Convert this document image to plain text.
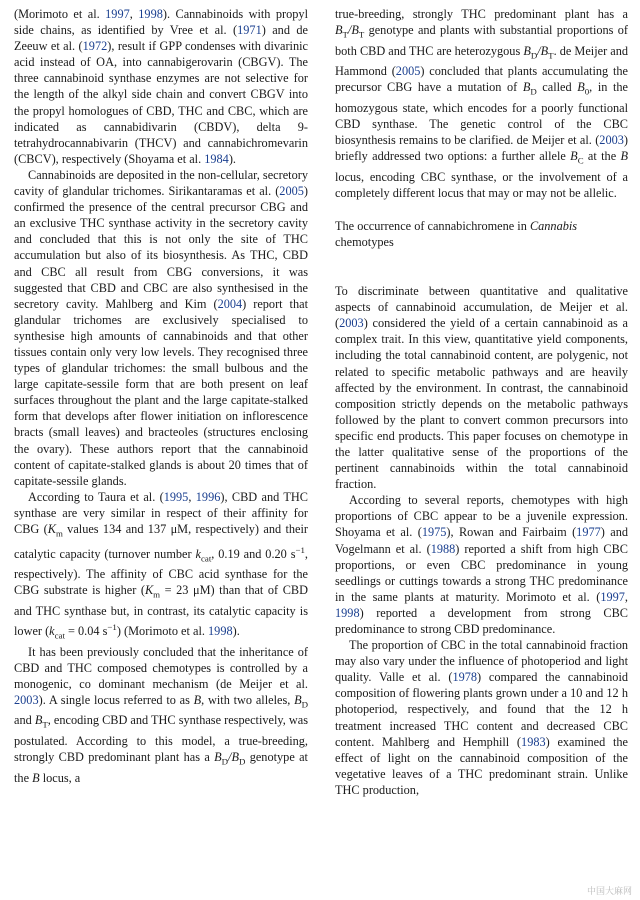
(Morimoto et al. 1997, 1998). Cannabinoids with propyl side chains, as identified by Vree et al. (1971) and de Zeeuw et al. (1972), result if GPP condenses with divarinic acid instead of OA, into cannabigerovarin (CBGV). The three cannabinoid synthase enzymes are not selective for the length of the alkyl side chain and convert CBGV into the propyl homologues of CBD, THC and CBC, which are indicated as cannabidivarin (CBDV), delta 9-tetrahydrocannabivarin (THCV) and cannabichromevarin (CBCV), respectively (Shoyama et al. 1984).

Cannabinoids are deposited in the non-cellular, secretory cavity of glandular trichomes. Sirikantaramas et al. (2005) confirmed the presence of the central precursor CBG and an exclusive THC synthase activity in the secretory cavity and concluded that this is not only the site of THC accumulation but also of its biosynthesis. As THC, CBD and CBC all result from CBG conversions, it was suggested that CBD and CBC are also synthesised in the secretory cavity. Mahlberg and Kim (2004) report that glandular trichomes are exclusively specialised to synthesise high amounts of cannabinoids and that other tissues contain only very low levels. They recognised three types of glandular trichomes: the small bulbous and the large capitate-sessile form that are both present on leaf surfaces throughout the plant and the large capitate-stalked form that develops after flower initiation on inflorescence bracts (small leaves) and bracteoles (structures enclosing the ovary). These authors report that the cannabinoid content of capitate-stalked glands is about 20 times that of capitate-sessile glands.

According to Taura et al. (1995, 1996), CBD and THC synthase are very similar in respect of their affinity for CBG ($K_m$ values 134 and 137 μM, respectively) and their catalytic capacity (turnover number $k_{cat}$, 0.19 and 0.20 $s^{-1}$, respectively). The affinity of CBC acid synthase for the CBG substrate is higher ($K_m = 23$ μM) than that of CBD and THC synthase but, in contrast, its catalytic capacity is lower ($k_{cat} = 0.04$ $s^{-1}$) (Morimoto et al. 1998).

It has been previously concluded that the inheritance of CBD and THC composed chemotypes is controlled by a monogenic, co dominant mechanism (de Meijer et al. 2003). A single locus referred to as B, with two alleles, $B_D$ and $B_T$, encoding CBD and THC synthase respectively, was postulated. According to this model, a true-breeding, strongly CBD predominant plant has a $B_D/B_D$ genotype at the B locus, a

true-breeding, strongly THC predominant plant has a $B_T/B_T$ genotype and plants with substantial proportions of both CBD and THC are heterozygous $B_D/B_T$. de Meijer and Hammond (2005) concluded that plants accumulating the precursor CBG have a mutation of $B_D$ called $B_0$, in the homozygous state, which encodes for a poorly functional CBD synthase. The genetic control of the CBC biosynthesis remains to be clarified. de Meijer et al. (2003) briefly addressed two options: a further allele $B_C$ at the B locus, encoding CBC synthase, or the involvement of a completely different locus that may or may not be allelic.

The occurrence of cannabichromene in Cannabis chemotypes

To discriminate between quantitative and qualitative aspects of cannabinoid accumulation, de Meijer et al. (2003) considered the yield of a certain cannabinoid as a complex trait. In this view, quantitative yield components, including the total cannabinoid content, are polygenic, not related to specific metabolic pathways and are heavily affected by the environment. In contrast, the cannabinoid composition strictly depends on the metabolic pathways followed by the plant to convert common precursors into specific end products. This paper focuses on chemotype in the latter qualitative sense of the proportions of the pertinent cannabinoids within the total cannabinoid fraction.

According to several reports, chemotypes with high proportions of CBC appear to be a juvenile expression. Shoyama et al. (1975), Rowan and Fairbaim (1977) and Vogelmann et al. (1988) reported a shift from high CBC proportions, or even CBC predominance in young seedlings or cuttings towards a strong THC predominance in the same plants at maturity. Morimoto et al. (1997, 1998) reported a development from strong CBC predominance to strong CBD predominance.

The proportion of CBC in the total cannabinoid fraction may also vary under the influence of photoperiod and light quality. Valle et al. (1978) compared the cannabinoid composition of flowering plants grown under a 10 and 12 h photoperiod, respectively, and found that the 12 h treatment increased THC content and decreased CBC content. Mahlberg and Hemphill (1983) examined the effect of light on the cannabinoid composition of the vegetative leaves of a THC predominant strain. Unlike THC production,

中国大麻网
